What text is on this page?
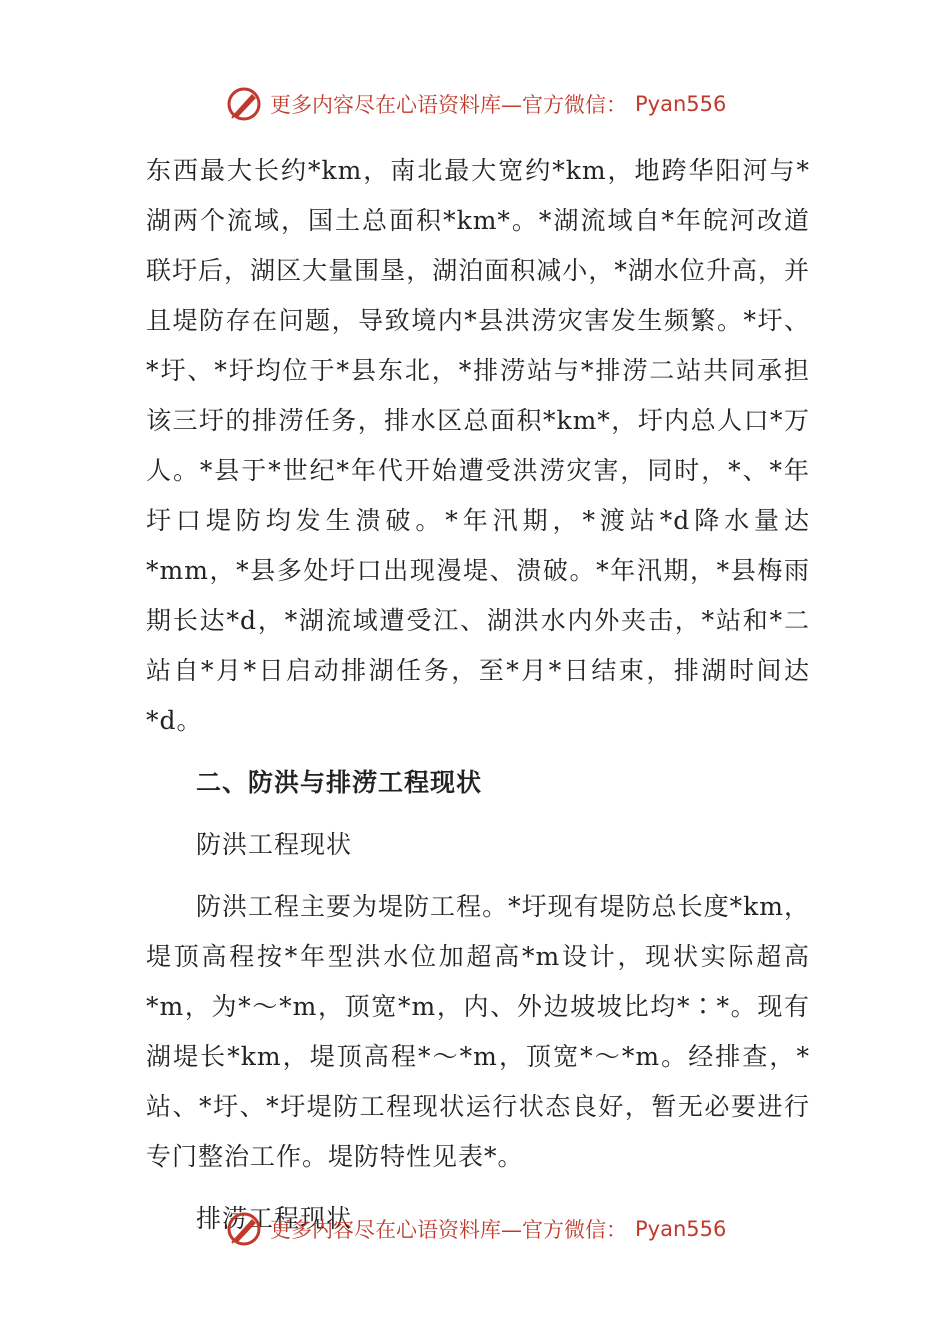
更多内容尽在心语资料库—官方微信： Pyan556

东西最大长约*km，南北最大宽约*km，地跨华阳河与*湖两个流域，国土总面积*km*。*湖流域自*年皖河改道联圩后，湖区大量围垦，湖泊面积减小，*湖水位升高，并且堤防存在问题，导致境内*县洪涝灾害发生频繁。*圩、*圩、*圩均位于*县东北，*排涝站与*排涝二站共同承担该三圩的排涝任务，排水区总面积*km*，圩内总人口*万人。*县于*世纪*年代开始遭受洪涝灾害，同时，*、*年圩口堤防均发生溃破。*年汛期，*渡站*d降水量达*mm，*县多处圩口出现漫堤、溃破。*年汛期，*县梅雨期长达*d，*湖流域遭受江、湖洪水内外夹击，*站和*二站自*月*日启动排湖任务，至*月*日结束，排湖时间达*d。

二、防洪与排涝工程现状
防洪工程现状

防洪工程主要为堤防工程。*圩现有堤防总长度*km，堤顶高程按*年型洪水位加超高*m设计，现状实际超高*m，为*～*m，顶宽*m，内、外边坡坡比均*∶*。现有湖堤长*km，堤顶高程*～*m，顶宽*～*m。经排查，*站、*圩、*圩堤防工程现状运行状态良好，暂无必要进行专门整治工作。堤防特性见表*。

排涝工程现状
更多内容尽在心语资料库—官方微信： Pyan556
